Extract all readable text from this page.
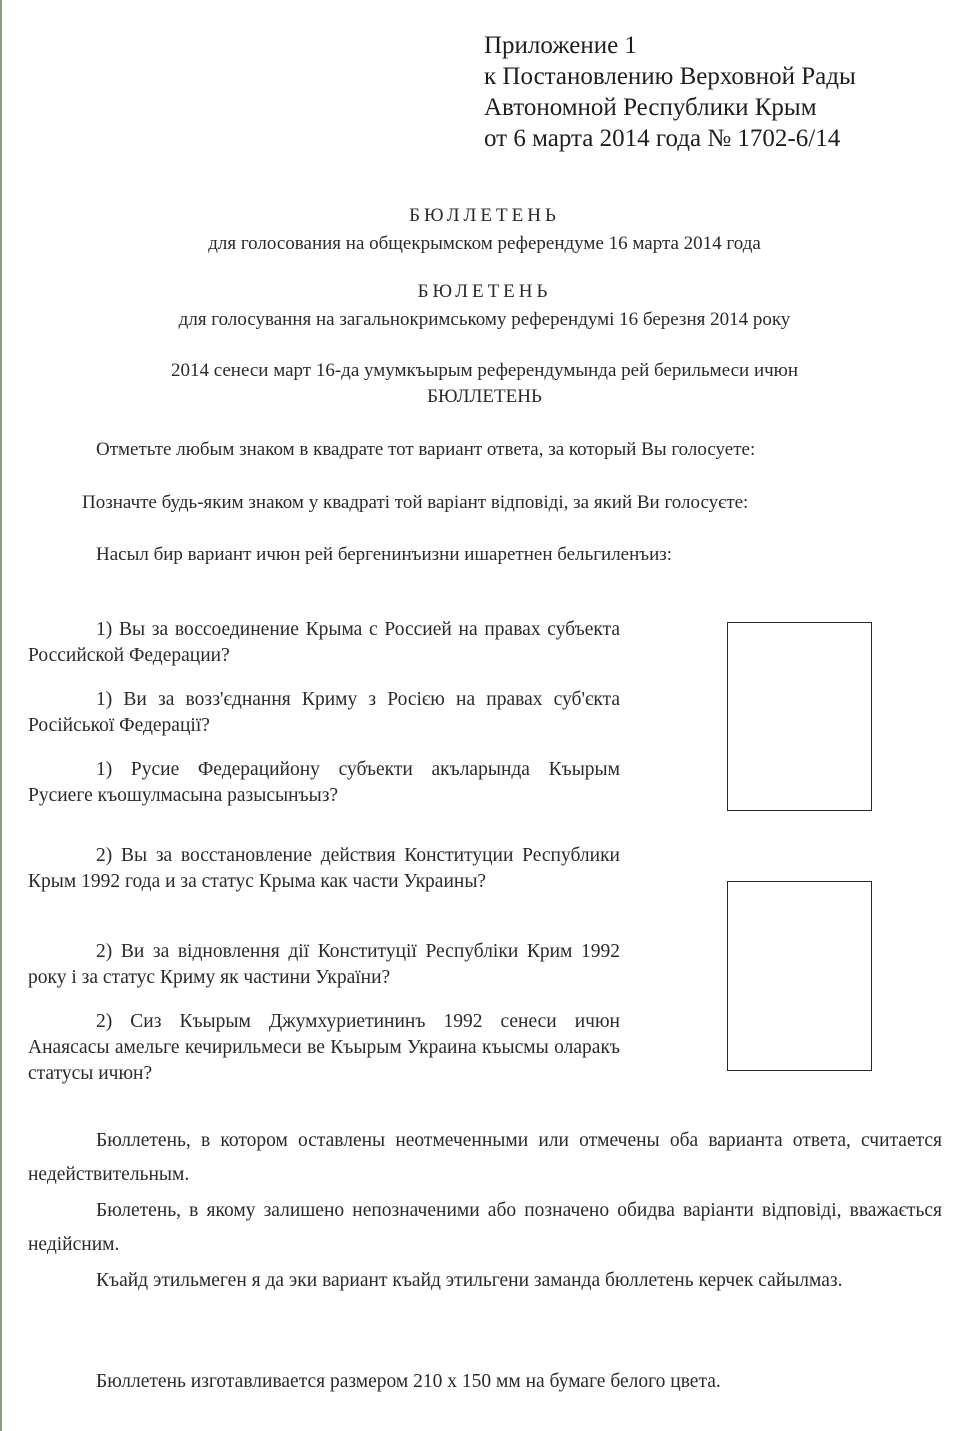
Приложение 1
к Постановлению Верховной Рады
Автономной Республики Крым
от 6 марта 2014 года № 1702-6/14
БЮЛЛЕТЕНЬ
для голосования на общекрымском референдуме 16 марта 2014 года
БЮЛЕТЕНЬ
для голосування на загальнокримському референдумі 16 березня 2014 року
2014 сенеси март 16-да умумкъырым референдумында рей берильмеси ичюн
БЮЛЛЕТЕНЬ
Отметьте любым знаком в квадрате тот вариант ответа, за который Вы голосуете:
Позначте будь-яким знаком у квадраті той варіант відповіді, за який Ви голосуєте:
Насыл бир вариант ичюн рей бергенинъизни ишаретнен бельгиленъиз:
1) Вы за воссоединение Крыма с Россией на правах субъекта Российской Федерации?
1) Ви за возз'єднання Криму з Росією на правах суб'єкта Російської Федерації?
1) Русие Федерацийону субъекти акъларында Къырым Русиеге къошулмасына разысынъыз?
2) Вы за восстановление действия Конституции Республики Крым 1992 года и за статус Крыма как части Украины?
2) Ви за відновлення дії Конституції Республіки Крим 1992 року і за статус Криму як частини України?
2) Сиз Къырым Джумхуриетининъ 1992 сенеси ичюн Анаясасы амельге кечирильмеси ве Къырым Украина къысмы оларакъ статусы ичюн?
Бюллетень, в котором оставлены неотмеченными или отмечены оба варианта ответа, считается недействительным.
Бюлетень, в якому залишено непозначеними або позначено обидва варіанти відповіді, вважається недійсним.
Къайд этильмеген я да эки вариант къайд этильгени заманда бюллетень керчек сайылмаз.
Бюллетень изготавливается размером 210 х 150 мм на бумаге белого цвета.
